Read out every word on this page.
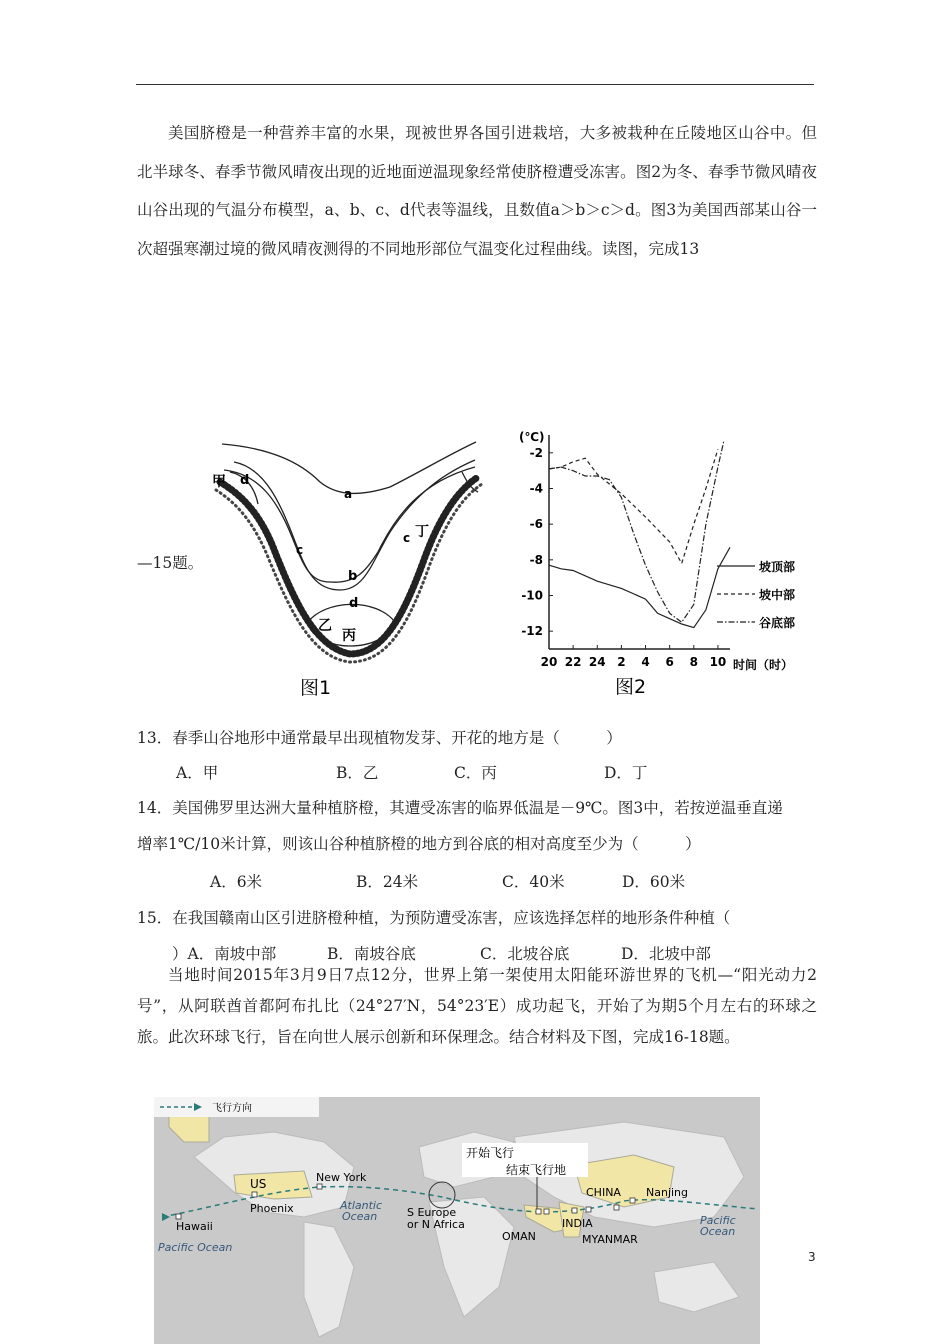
美国脐橙是一种营养丰富的水果，现被世界各国引进栽培，大多被栽种在丘陵地区山谷中。但北半球冬、春季节微风晴夜出现的近地面逆温现象经常使脐橙遭受冻害。图2为冬、春季节微风晴夜山谷出现的气温分布模型，a、b、c、d代表等温线，且数值a＞b＞c＞d。图3为美国西部某山谷一次超强寒潮过境的微风晴夜测得的不同地形部位气温变化过程曲线。读图，完成13
—15题。
甲 d
a
c
b
d
c 丁
乙
丙
图1
-2
-4
-6
-8
-10
-12
20 22 24 2 4 6 8 10
坡顶部
坡中部
谷底部
(℃)
时间（时）
图2
13．春季山谷地形中通常最早出现植物发芽、开花的地方是（　　　）
A．甲	B．乙	C．丙	D．丁
14．美国佛罗里达洲大量种植脐橙，其遭受冻害的临界低温是－9℃。图3中，若按逆温垂直递
增率1℃/10米计算，则该山谷种植脐橙的地方到谷底的相对高度至少为（　　　）
A．6米	B．24米	C．40米	D．60米
15．在我国赣南山区引进脐橙种植，为预防遭受冻害，应该选择怎样的地形条件种植（
）A．南坡中部	B．南坡谷底	C．北坡谷底	D．北坡中部
当地时间2015年3月9日7点12分，世界上第一架使用太阳能环游世界的飞机—“阳光动力2号”，从阿联酋首都阿布扎比（24°27′N，54°23′E）成功起飞，开始了为期5个月左右的环球之旅。此次环球飞行，旨在向世人展示创新和环保理念。结合材料及下图，完成16-18题。
飞行方向
开始飞行
结束飞行地
US	New York
Phoenix
Hawaii
Pacific Ocean
Atlantic
Ocean	S Europe
or N Africa
OMAN
INDIA
MYANMAR
CHINA Nanjing
Pacific
Ocean
3
